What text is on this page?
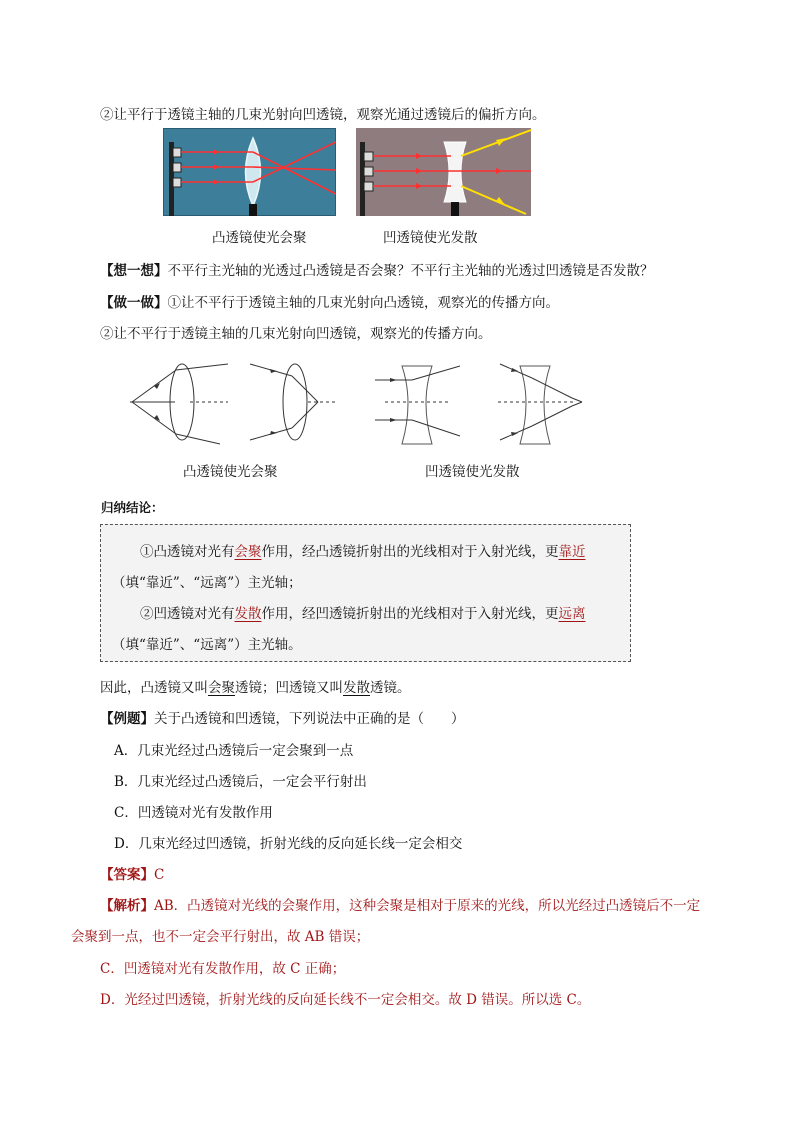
②让平行于透镜主轴的几束光射向凹透镜，观察光通过透镜后的偏折方向。
凸透镜使光会聚	凹透镜使光发散
【想一想】不平行主光轴的光透过凸透镜是否会聚？不平行主光轴的光透过凹透镜是否发散？
【做一做】①让不平行于透镜主轴的几束光射向凸透镜，观察光的传播方向。
②让不平行于透镜主轴的几束光射向凹透镜，观察光的传播方向。
凸透镜使光会聚	凹透镜使光发散
归纳结论：
①凸透镜对光有会聚作用，经凸透镜折射出的光线相对于入射光线，更靠近
（填“靠近”、“远离”）主光轴；
②凹透镜对光有发散作用，经凹透镜折射出的光线相对于入射光线，更远离
（填“靠近”、“远离”）主光轴。
因此，凸透镜又叫会聚透镜；凹透镜又叫发散透镜。
【例题】关于凸透镜和凹透镜，下列说法中正确的是（　　）
A．几束光经过凸透镜后一定会聚到一点
B．几束光经过凸透镜后，一定会平行射出
C．凹透镜对光有发散作用
D．几束光经过凹透镜，折射光线的反向延长线一定会相交
【答案】C
【解析】AB．凸透镜对光线的会聚作用，这种会聚是相对于原来的光线，所以光经过凸透镜后不一定
会聚到一点，也不一定会平行射出，故 AB 错误；
C．凹透镜对光有发散作用，故 C 正确；
D．光经过凹透镜，折射光线的反向延长线不一定会相交。故 D 错误。所以选 C。
